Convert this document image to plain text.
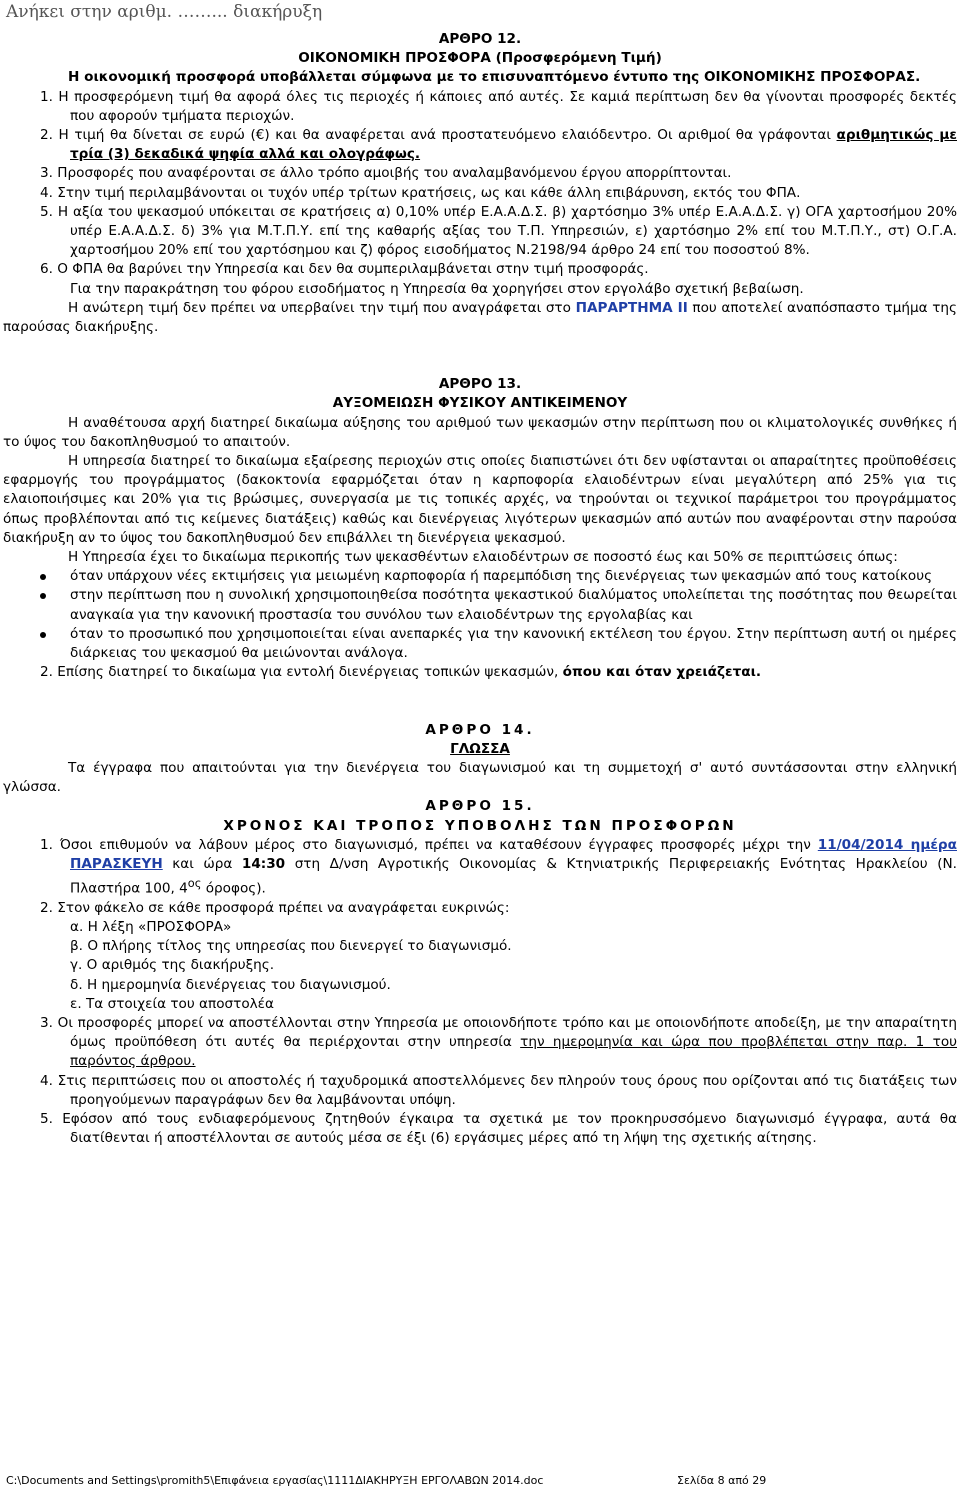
Ανήκει στην αριθμ. ……... διακήρυξη

ΑΡΘΡΟ 12.

ΟΙΚΟΝΟΜΙΚΗ ΠΡΟΣΦΟΡΑ (Προσφερόμενη Τιμή)

Η οικονομική προσφορά υποβάλλεται σύμφωνα με το επισυναπτόμενο έντυπο της ΟΙΚΟΝΟΜΙΚΗΣ ΠΡΟΣΦΟΡΑΣ.

1. Η προσφερόμενη τιμή θα αφορά όλες τις περιοχές ή κάποιες από αυτές. Σε καμιά περίπτωση δεν θα γίνονται προσφορές δεκτές που αφορούν τμήματα περιοχών.

2. Η τιμή θα δίνεται σε ευρώ (€) και θα αναφέρεται ανά προστατευόμενο ελαιόδεντρο. Οι αριθμοί θα γράφονται αριθμητικώς με τρία (3) δεκαδικά ψηφία αλλά και ολογράφως.

3. Προσφορές που αναφέρονται σε άλλο τρόπο αμοιβής του αναλαμβανόμενου έργου απορρίπτονται.

4. Στην τιμή περιλαμβάνονται οι τυχόν υπέρ τρίτων κρατήσεις, ως και κάθε άλλη επιβάρυνση, εκτός του ΦΠΑ.

5. Η αξία του ψεκασμού υπόκειται σε κρατήσεις α) 0,10% υπέρ Ε.Α.Α.Δ.Σ. β) χαρτόσημο 3% υπέρ Ε.Α.Α.Δ.Σ. γ) ΟΓΑ χαρτοσήμου 20% υπέρ Ε.Α.Α.Δ.Σ. δ) 3% για Μ.Τ.Π.Υ. επί της καθαρής αξίας του Τ.Π. Υπηρεσιών, ε) χαρτόσημο 2% επί του Μ.Τ.Π.Υ., στ) Ο.Γ.Α. χαρτοσήμου 20% επί του χαρτόσημου και ζ) φόρος εισοδήματος Ν.2198/94 άρθρο 24 επί του ποσοστού 8%.

6. Ο ΦΠΑ θα βαρύνει την Υπηρεσία και δεν θα συμπεριλαμβάνεται στην τιμή προσφοράς.

Για την παρακράτηση του φόρου εισοδήματος η Υπηρεσία θα χορηγήσει στον εργολάβο σχετική βεβαίωση.

Η ανώτερη τιμή δεν πρέπει να υπερβαίνει την τιμή που αναγράφεται στο ΠΑΡΑΡΤΗΜΑ ΙΙ που αποτελεί αναπόσπαστο τμήμα της παρούσας διακήρυξης.

ΑΡΘΡΟ 13.

ΑΥΞΟΜΕΙΩΣΗ ΦΥΣΙΚΟΥ ΑΝΤΙΚΕΙΜΕΝΟΥ

Η αναθέτουσα αρχή διατηρεί δικαίωμα αύξησης του αριθμού των ψεκασμών στην περίπτωση που οι κλιματολογικές συνθήκες ή το ύψος του δακοπληθυσμού το απαιτούν.

Η υπηρεσία διατηρεί το δικαίωμα εξαίρεσης περιοχών στις οποίες διαπιστώνει ότι δεν υφίστανται οι απαραίτητες προϋποθέσεις εφαρμογής του προγράμματος (δακοκτονία εφαρμόζεται όταν η καρποφορία ελαιοδέντρων είναι μεγαλύτερη από 25% για τις ελαιοποιήσιμες και 20% για τις βρώσιμες, συνεργασία με τις τοπικές αρχές, να τηρούνται οι τεχνικοί παράμετροι του προγράμματος όπως προβλέπονται από τις κείμενες διατάξεις) καθώς και διενέργειας λιγότερων ψεκασμών από αυτών που αναφέρονται στην παρούσα διακήρυξη αν το ύψος του δακοπληθυσμού δεν επιβάλλει τη διενέργεια ψεκασμού.

Η Υπηρεσία έχει το δικαίωμα περικοπής των ψεκασθέντων ελαιοδέντρων σε ποσοστό έως και 50% σε περιπτώσεις όπως:

όταν υπάρχουν νέες εκτιμήσεις για μειωμένη καρποφορία ή παρεμπόδιση της διενέργειας των ψεκασμών από τους κατοίκους

στην περίπτωση που η συνολική χρησιμοποιηθείσα ποσότητα ψεκαστικού διαλύματος υπολείπεται της ποσότητας που θεωρείται αναγκαία για την κανονική προστασία του συνόλου των ελαιοδέντρων της εργολαβίας και

όταν το προσωπικό που χρησιμοποιείται είναι ανεπαρκές για την κανονική εκτέλεση του έργου. Στην περίπτωση αυτή οι ημέρες διάρκειας του ψεκασμού θα μειώνονται ανάλογα.

2. Επίσης διατηρεί το δικαίωμα για εντολή διενέργειας τοπικών ψεκασμών, όπου και όταν χρειάζεται.

ΑΡΘΡΟ 14.

ΓΛΩΣΣΑ

Τα έγγραφα που απαιτούνται για την διενέργεια του διαγωνισμού και τη συμμετοχή σ' αυτό συντάσσονται στην ελληνική γλώσσα.

ΑΡΘΡΟ 15.

ΧΡΟΝΟΣ ΚΑΙ ΤΡΟΠΟΣ ΥΠΟΒΟΛΗΣ ΤΩΝ ΠΡΟΣΦΟΡΩΝ

1. Όσοι επιθυμούν να λάβουν μέρος στο διαγωνισμό, πρέπει να καταθέσουν έγγραφες προσφορές μέχρι την 11/04/2014 ημέρα ΠΑΡΑΣΚΕΥΗ και ώρα 14:30 στη Δ/νση Αγροτικής Οικονομίας & Κτηνιατρικής Περιφερειακής Ενότητας Ηρακλείου (Ν. Πλαστήρα 100, $4^{o\varsigma}$ όροφος).

2. Στον φάκελο σε κάθε προσφορά πρέπει να αναγράφεται ευκρινώς:

α. Η λέξη «ΠΡΟΣΦΟΡΑ»

β. Ο πλήρης τίτλος της υπηρεσίας που διενεργεί το διαγωνισμό.

γ. Ο αριθμός της διακήρυξης.

δ. Η ημερομηνία διενέργειας του διαγωνισμού.

ε. Τα στοιχεία του αποστολέα

3. Οι προσφορές μπορεί να αποστέλλονται στην Υπηρεσία με οποιονδήποτε τρόπο και με οποιονδήποτε αποδείξη, με την απαραίτητη όμως προϋπόθεση ότι αυτές θα περιέρχονται στην υπηρεσία την ημερομηνία και ώρα που προβλέπεται στην παρ. 1 του παρόντος άρθρου.

4. Στις περιπτώσεις που οι αποστολές ή ταχυδρομικά αποστελλόμενες δεν πληρούν τους όρους που ορίζονται από τις διατάξεις των προηγούμενων παραγράφων δεν θα λαμβάνονται υπόψη.

5. Εφόσον από τους ενδιαφερόμενους ζητηθούν έγκαιρα τα σχετικά με τον προκηρυσσόμενο διαγωνισμό έγγραφα, αυτά θα διατίθενται ή αποστέλλονται σε αυτούς μέσα σε έξι (6) εργάσιμες μέρες από τη λήψη της σχετικής αίτησης.

C:\Documents and Settings\promith5\Επιφάνεια εργασίας\1111ΔΙΑΚΗΡΥΞΗ ΕΡΓΟΛΑΒΩΝ 2014.doc	Σελίδα 8 από 29
